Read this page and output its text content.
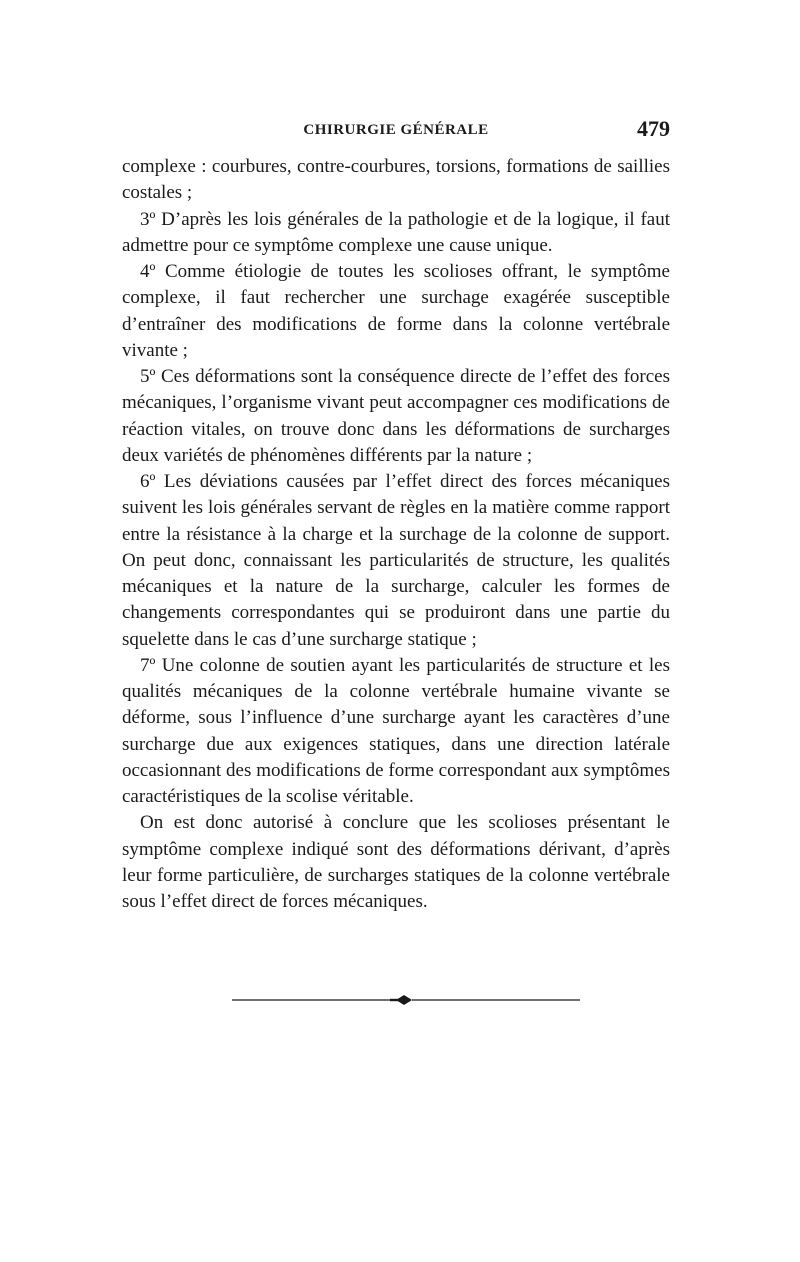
CHIRURGIE GÉNÉRALE	479

complexe : courbures, contre-courbures, torsions, formations de saillies costales ;

3º D’après les lois générales de la pathologie et de la logique, il faut admettre pour ce symptôme complexe une cause unique.

4º Comme étiologie de toutes les scolioses offrant, le symptôme complexe, il faut rechercher une surchage exagérée susceptible d’entraîner des modifications de forme dans la colonne vertébrale vivante ;

5º Ces déformations sont la conséquence directe de l’effet des forces mécaniques, l’organisme vivant peut accompagner ces modifications de réaction vitales, on trouve donc dans les déformations de surcharges deux variétés de phénomènes différents par la nature ;

6º Les déviations causées par l’effet direct des forces mécaniques suivent les lois générales servant de règles en la matière comme rapport entre la résistance à la charge et la surchage de la colonne de support. On peut donc, connaissant les particularités de structure, les qualités mécaniques et la nature de la surcharge, calculer les formes de changements correspondantes qui se produiront dans une partie du squelette dans le cas d’une surcharge statique ;

7º Une colonne de soutien ayant les particularités de structure et les qualités mécaniques de la colonne vertébrale humaine vivante se déforme, sous l’influence d’une surcharge ayant les caractères d’une surcharge due aux exigences statiques, dans une direction latérale occasionnant des modifications de forme correspondant aux symptômes caractéristiques de la scolise véritable.

On est donc autorisé à conclure que les scolioses présentant le symptôme complexe indiqué sont des déformations dérivant, d’après leur forme particulière, de surcharges statiques de la colonne vertébrale sous l’effet direct de forces mécaniques.
